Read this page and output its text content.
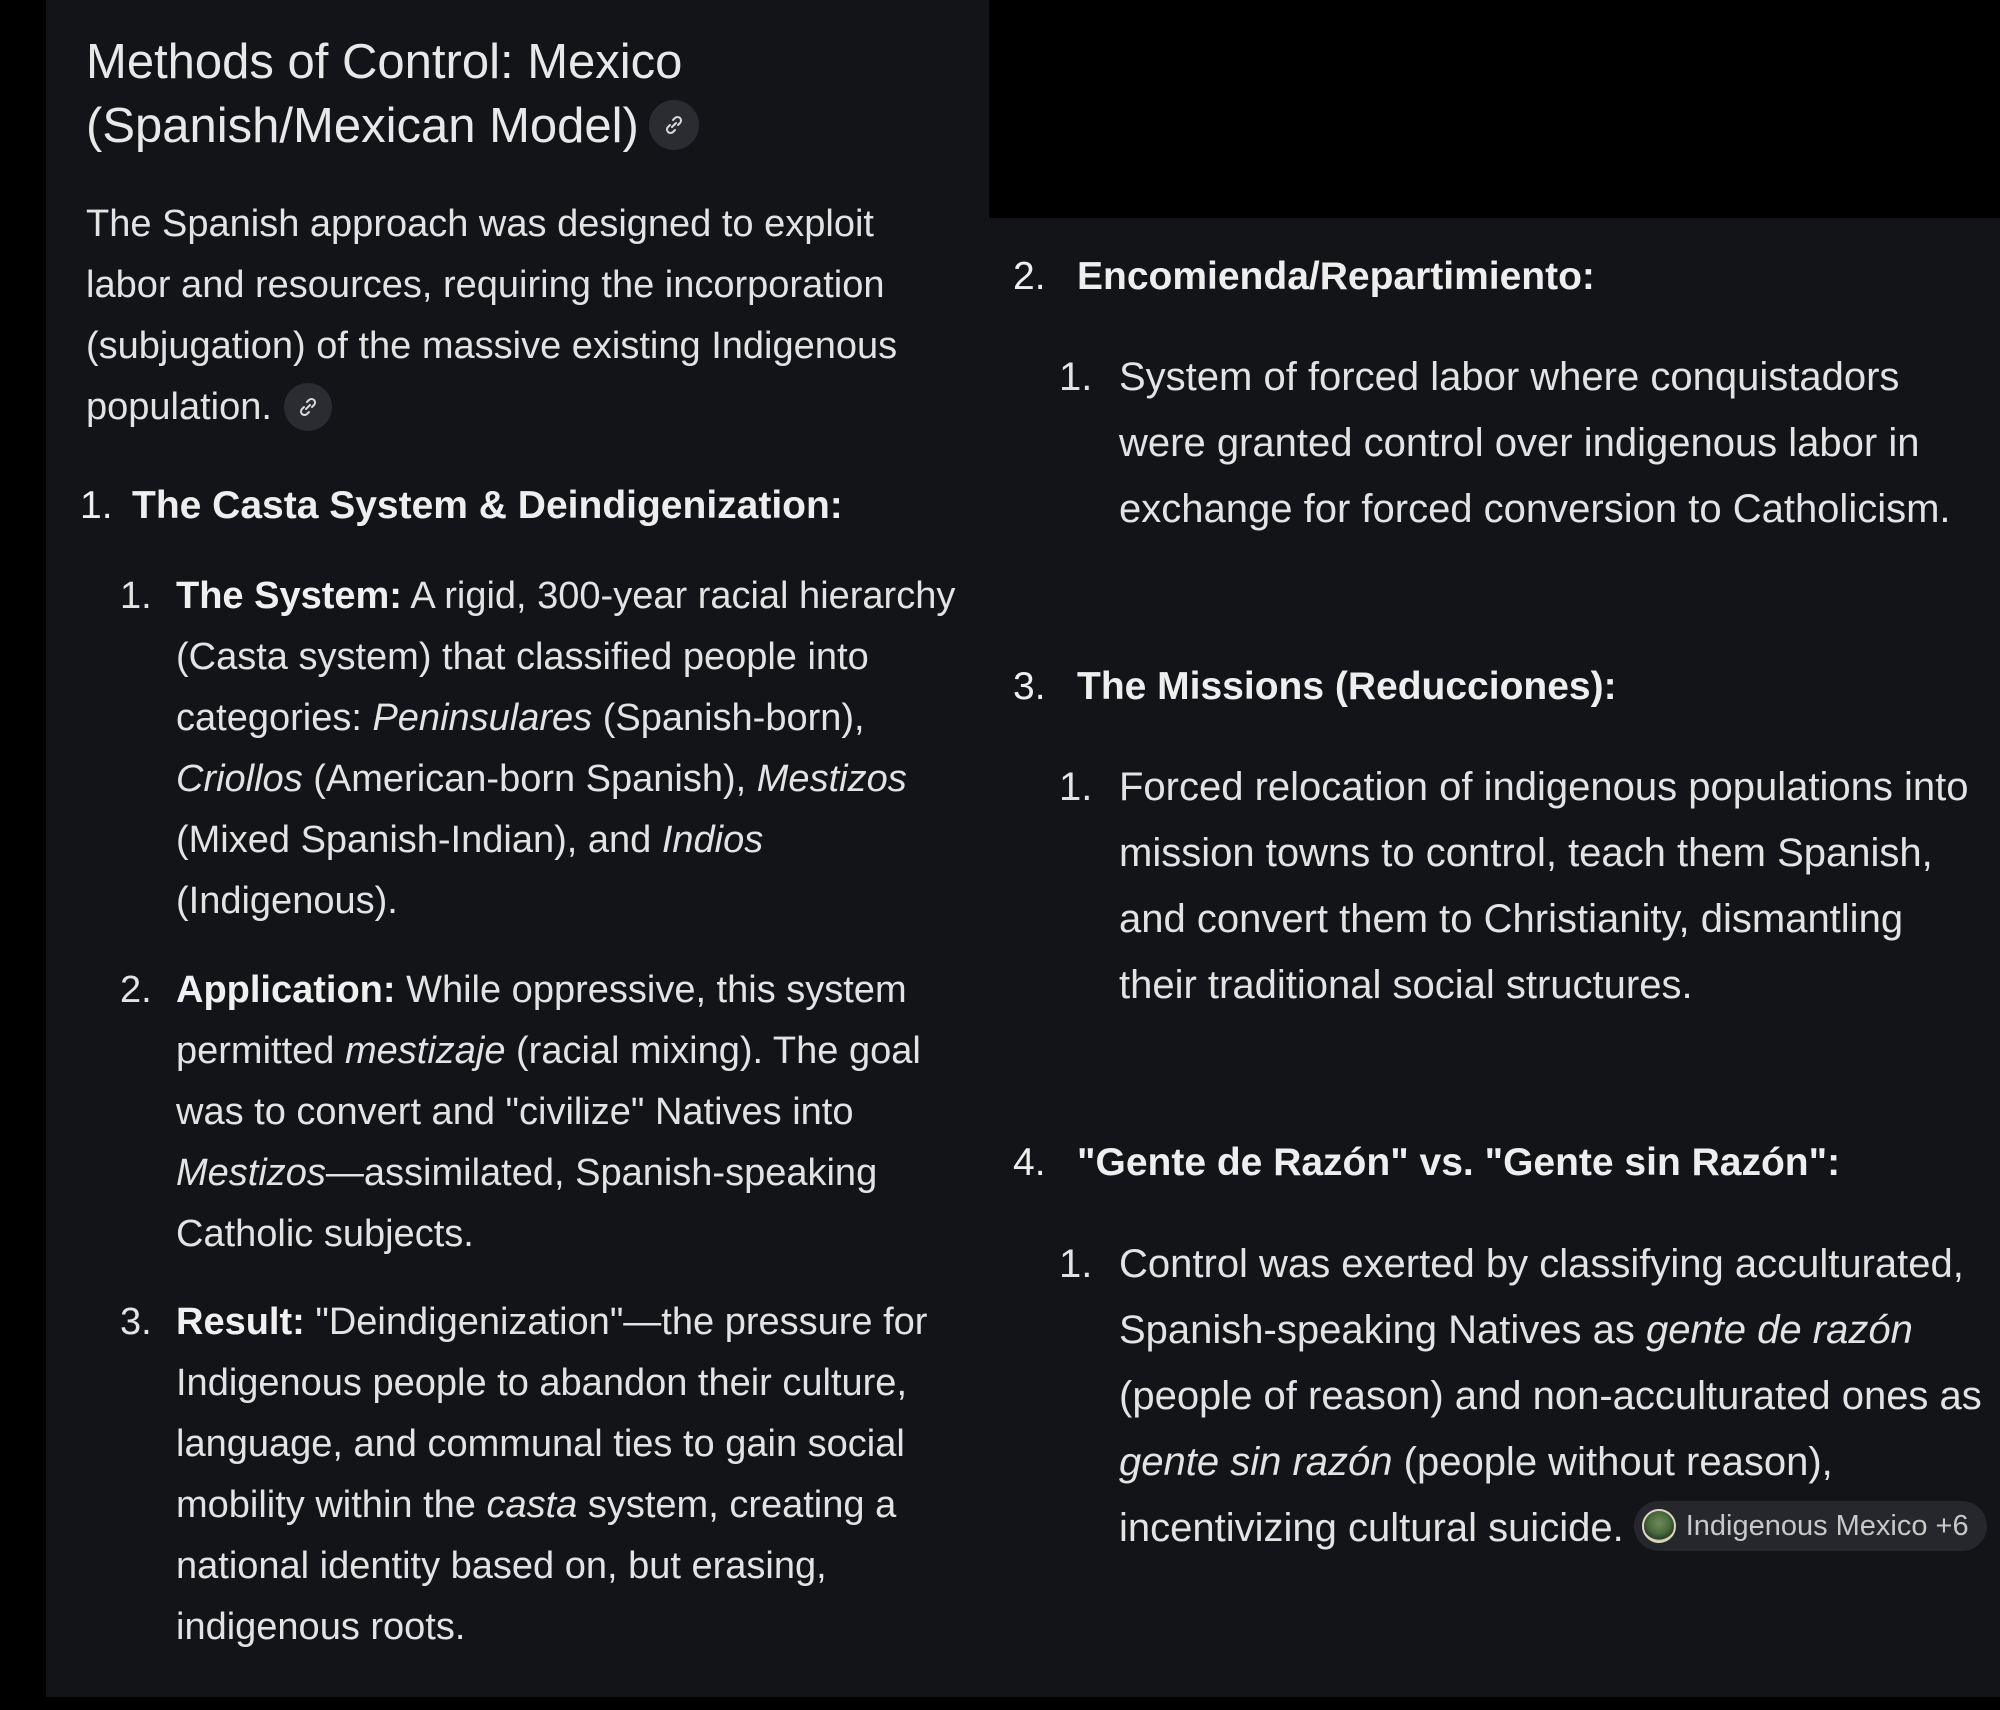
Methods of Control: Mexico (Spanish/Mexican Model)
The Spanish approach was designed to exploit labor and resources, requiring the incorporation (subjugation) of the massive existing Indigenous population.
1. The Casta System & Deindigenization:
1. The System: A rigid, 300-year racial hierarchy (Casta system) that classified people into categories: Peninsulares (Spanish-born), Criollos (American-born Spanish), Mestizos (Mixed Spanish-Indian), and Indios (Indigenous).
2. Application: While oppressive, this system permitted mestizaje (racial mixing). The goal was to convert and "civilize" Natives into Mestizos—assimilated, Spanish-speaking Catholic subjects.
3. Result: "Deindigenization"—the pressure for Indigenous people to abandon their culture, language, and communal ties to gain social mobility within the casta system, creating a national identity based on, but erasing, indigenous roots.
2. Encomienda/Repartimiento:
1. System of forced labor where conquistadors were granted control over indigenous labor in exchange for forced conversion to Catholicism.
3. The Missions (Reducciones):
1. Forced relocation of indigenous populations into mission towns to control, teach them Spanish, and convert them to Christianity, dismantling their traditional social structures.
4. "Gente de Razón" vs. "Gente sin Razón":
1. Control was exerted by classifying acculturated, Spanish-speaking Natives as gente de razón (people of reason) and non-acculturated ones as gente sin razón (people without reason), incentivizing cultural suicide. Indigenous Mexico +6
